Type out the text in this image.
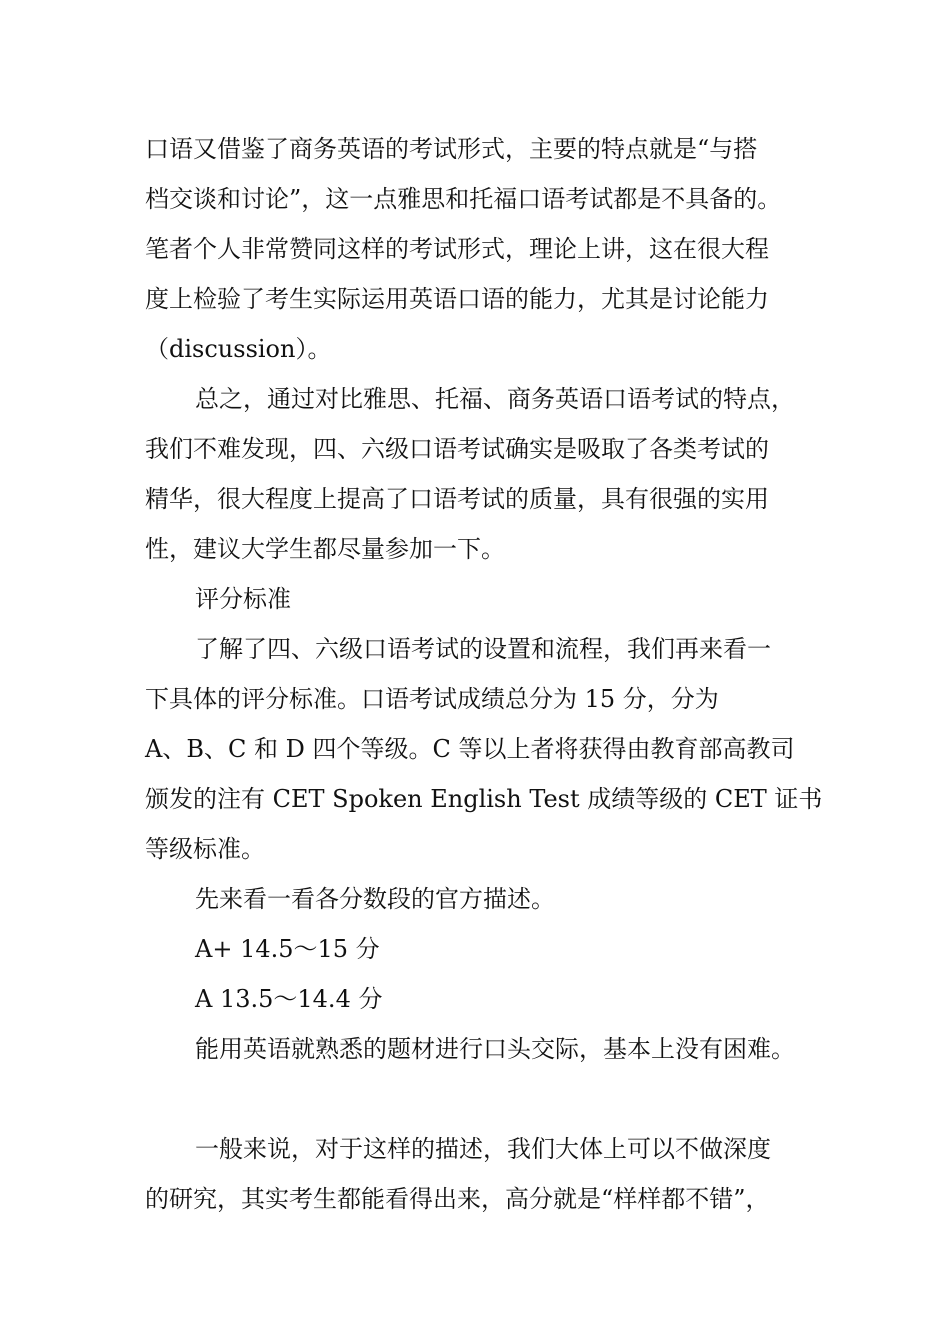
口语又借鉴了商务英语的考试形式，主要的特点就是“与搭
档交谈和讨论”，这一点雅思和托福口语考试都是不具备的。
笔者个人非常赞同这样的考试形式，理论上讲，这在很大程
度上检验了考生实际运用英语口语的能力，尤其是讨论能力
（discussion）。

总之，通过对比雅思、托福、商务英语口语考试的特点，
我们不难发现，四、六级口语考试确实是吸取了各类考试的
精华，很大程度上提高了口语考试的质量，具有很强的实用
性，建议大学生都尽量参加一下。

评分标准

了解了四、六级口语考试的设置和流程，我们再来看一
下具体的评分标准。口语考试成绩总分为 15 分，分为
A、B、C 和 D 四个等级。C 等以上者将获得由教育部高教司
颁发的注有 CET Spoken English Test 成绩等级的 CET 证书
等级标准。

先来看一看各分数段的官方描述。

A+ 14.5～15 分

A 13.5～14.4 分

能用英语就熟悉的题材进行口头交际，基本上没有困难。

一般来说，对于这样的描述，我们大体上可以不做深度
的研究，其实考生都能看得出来，高分就是“样样都不错”，
